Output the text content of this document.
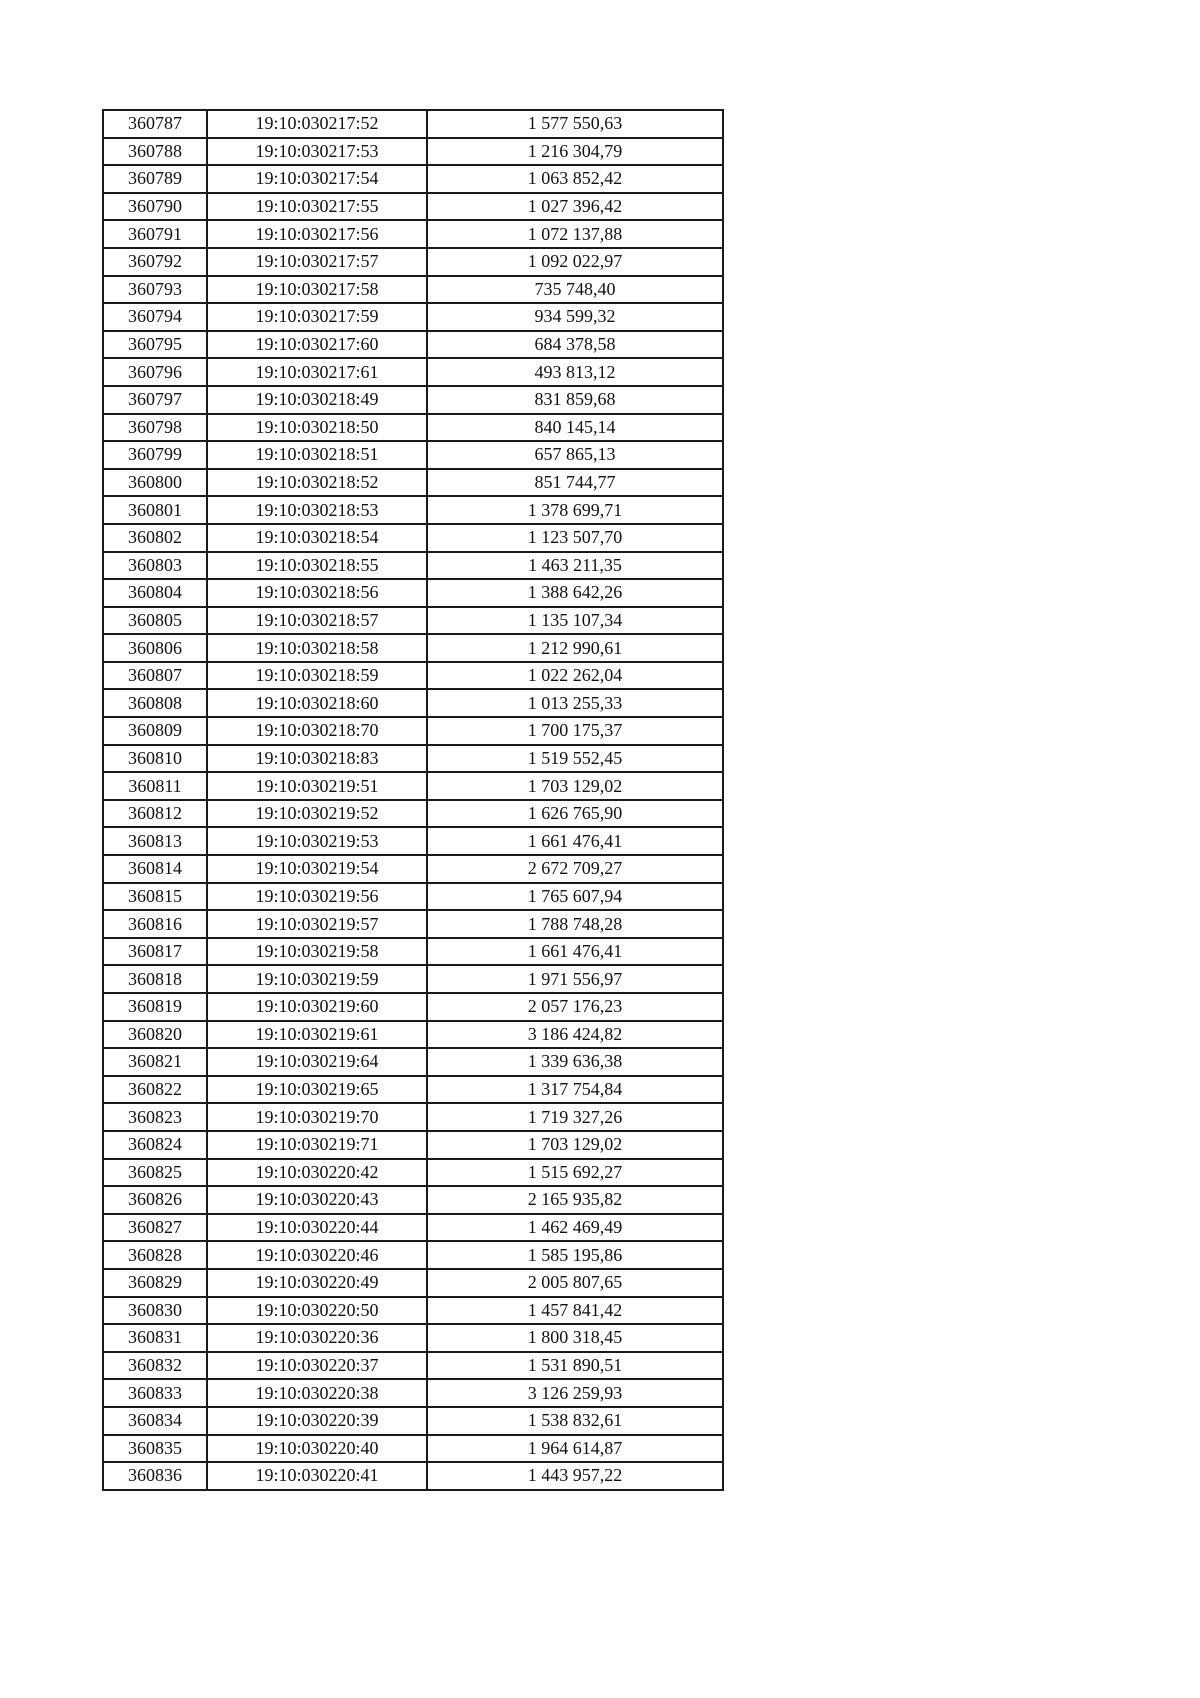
360787	19:10:030217:52	1 577 550,63
360788	19:10:030217:53	1 216 304,79
360789	19:10:030217:54	1 063 852,42
360790	19:10:030217:55	1 027 396,42
360791	19:10:030217:56	1 072 137,88
360792	19:10:030217:57	1 092 022,97
360793	19:10:030217:58	735 748,40
360794	19:10:030217:59	934 599,32
360795	19:10:030217:60	684 378,58
360796	19:10:030217:61	493 813,12
360797	19:10:030218:49	831 859,68
360798	19:10:030218:50	840 145,14
360799	19:10:030218:51	657 865,13
360800	19:10:030218:52	851 744,77
360801	19:10:030218:53	1 378 699,71
360802	19:10:030218:54	1 123 507,70
360803	19:10:030218:55	1 463 211,35
360804	19:10:030218:56	1 388 642,26
360805	19:10:030218:57	1 135 107,34
360806	19:10:030218:58	1 212 990,61
360807	19:10:030218:59	1 022 262,04
360808	19:10:030218:60	1 013 255,33
360809	19:10:030218:70	1 700 175,37
360810	19:10:030218:83	1 519 552,45
360811	19:10:030219:51	1 703 129,02
360812	19:10:030219:52	1 626 765,90
360813	19:10:030219:53	1 661 476,41
360814	19:10:030219:54	2 672 709,27
360815	19:10:030219:56	1 765 607,94
360816	19:10:030219:57	1 788 748,28
360817	19:10:030219:58	1 661 476,41
360818	19:10:030219:59	1 971 556,97
360819	19:10:030219:60	2 057 176,23
360820	19:10:030219:61	3 186 424,82
360821	19:10:030219:64	1 339 636,38
360822	19:10:030219:65	1 317 754,84
360823	19:10:030219:70	1 719 327,26
360824	19:10:030219:71	1 703 129,02
360825	19:10:030220:42	1 515 692,27
360826	19:10:030220:43	2 165 935,82
360827	19:10:030220:44	1 462 469,49
360828	19:10:030220:46	1 585 195,86
360829	19:10:030220:49	2 005 807,65
360830	19:10:030220:50	1 457 841,42
360831	19:10:030220:36	1 800 318,45
360832	19:10:030220:37	1 531 890,51
360833	19:10:030220:38	3 126 259,93
360834	19:10:030220:39	1 538 832,61
360835	19:10:030220:40	1 964 614,87
360836	19:10:030220:41	1 443 957,22
